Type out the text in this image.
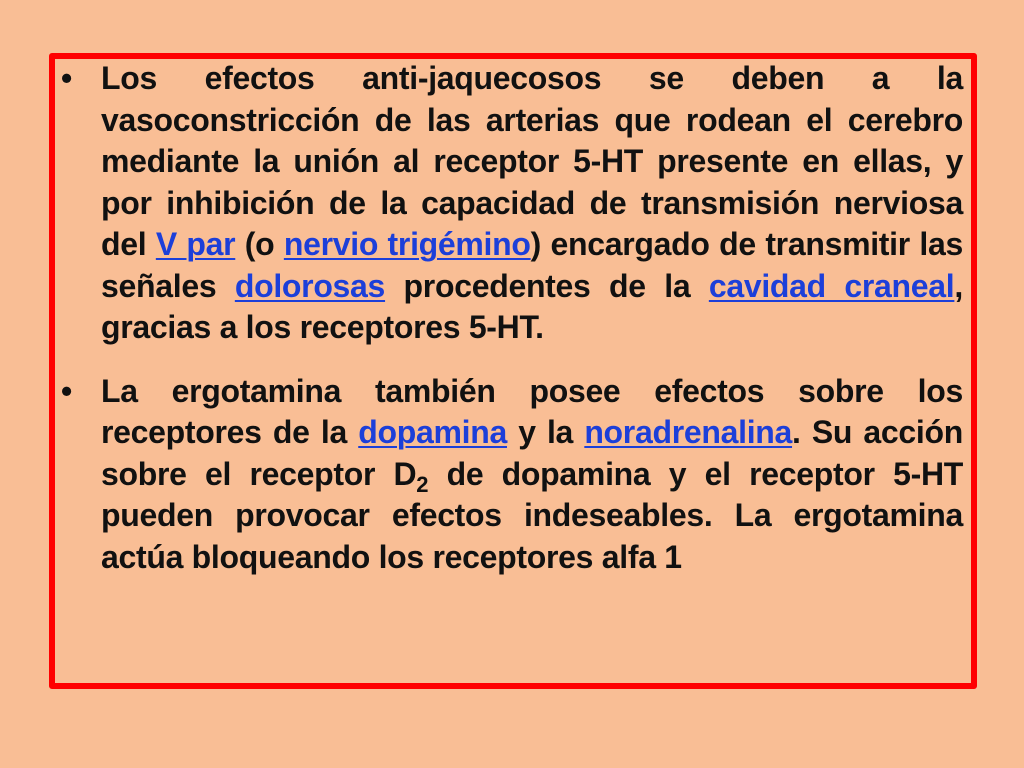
• Los efectos anti-jaquecosos se deben a la vasoconstricción de las arterias que rodean el cerebro mediante la unión al receptor 5-HT presente en ellas, y por inhibición de la capacidad de transmisión nerviosa del V par (o nervio trigémino) encargado de transmitir las señales dolorosas procedentes de la cavidad craneal, gracias a los receptores 5-HT.
• La ergotamina también posee efectos sobre los receptores de la dopamina y la noradrenalina. Su acción sobre el receptor $D_2$ de dopamina y el receptor 5-HT pueden provocar efectos indeseables. La ergotamina actúa bloqueando los receptores alfa 1
